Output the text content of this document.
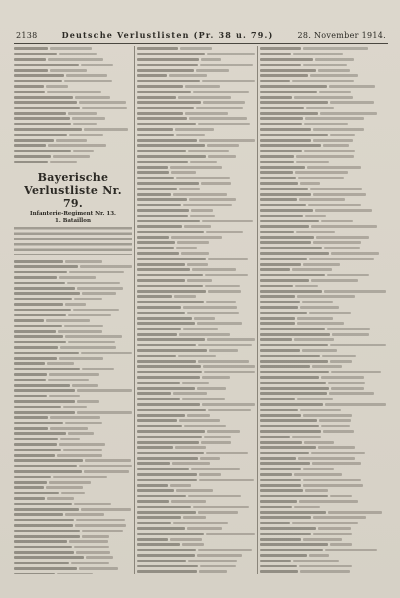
2138	Deutsche Verlustlisten (Pr. 38 u. 79.)	28. November 1914.
Bayerische Verlustliste Nr. 79.
Infanterie-Regiment Nr. 13.
1. Bataillon
